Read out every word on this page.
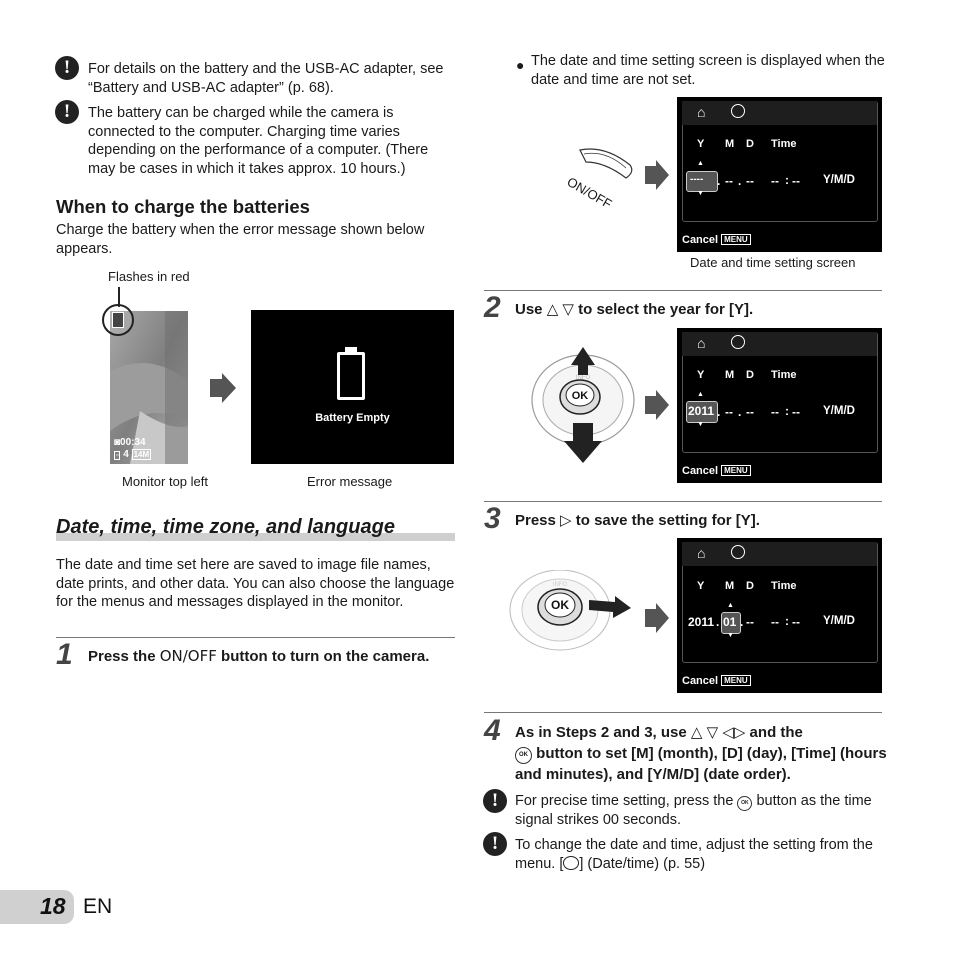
!	For details on the battery and the USB-AC adapter, see “Battery and USB-AC adapter” (p. 68).
!	The battery can be charged while the camera is connected to the computer. Charging time varies depending on the performance of a computer. (There may be cases in which it takes approx. 10 hours.)
When to charge the batteries
Charge the battery when the error message shown below appears.
Flashes in red
◙00:34
▫ 4 14M
Battery Empty
Monitor top left	Error message
Date, time, time zone, and language
The date and time set here are saved to image file names, date prints, and other data. You can also choose the language for the menus and messages displayed in the monitor.
1 Press the ON/OFF button to turn on the camera.
● The date and time setting screen is displayed when the date and time are not set.
ON/OFF
⌂
Y M D Time
▲
----
▼
. -- . -- -- : -- Y/M/D
Cancel MENU
Date and time setting screen
2 Use △ ▽ to select the year for [Y].
OK
INFO
⌂
Y M D Time
▲
2011
▼
. -- . -- -- : -- Y/M/D
Cancel MENU
3 Press ▷ to save the setting for [Y].
OK
INFO
⌂
Y M D Time
2011 .
▲
01
▼
. -- -- : -- Y/M/D
Cancel MENU
4 As in Steps 2 and 3, use △ ▽ ◁▷ and the
OK button to set [M] (month), [D] (day), [Time] (hours and minutes), and [Y/M/D] (date order).
!	For precise time setting, press the OK button as the time signal strikes 00 seconds.
!	To change the date and time, adjust the setting from the menu. [ ] (Date/time) (p. 55)
18 EN
